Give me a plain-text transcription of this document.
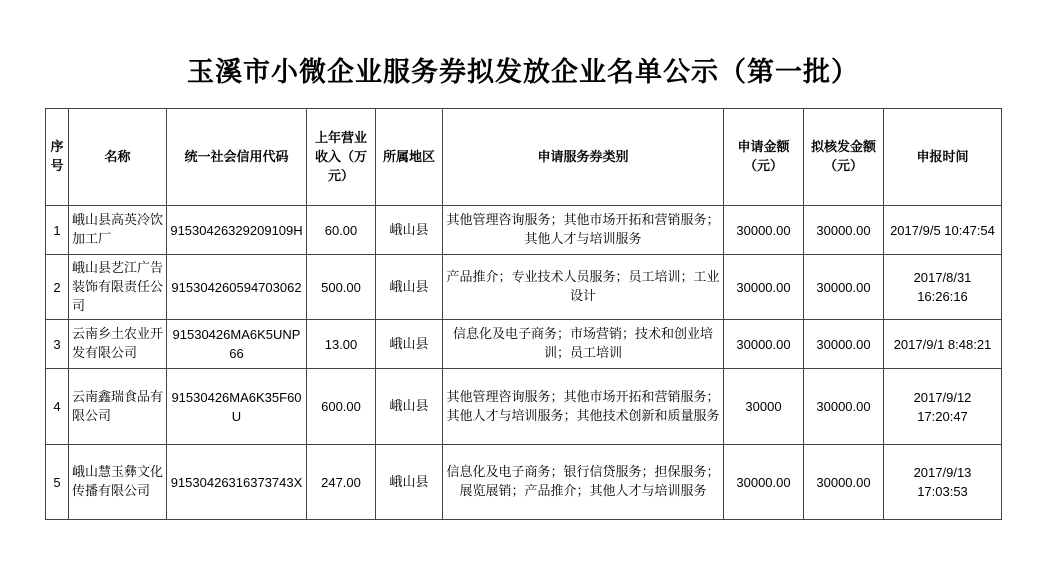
玉溪市小微企业服务券拟发放企业名单公示（第一批）
序号	名称	统一社会信用代码	上年营业收入（万元）	所属地区	申请服务券类别	申请金额（元）	拟核发金额（元）	申报时间
1	峨山县高英冷饮加工厂	91530426329209109H	60.00	峨山县	其他管理咨询服务；其他市场开拓和营销服务；其他人才与培训服务	30000.00	30000.00	2017/9/5 10:47:54
2	峨山县艺江广告装饰有限责任公司	915304260594703062	500.00	峨山县	产品推介；专业技术人员服务；员工培训；工业设计	30000.00	30000.00	2017/8/31 16:26:16
3	云南乡土农业开发有限公司	91530426MA6K5UNP66	13.00	峨山县	信息化及电子商务；市场营销；技术和创业培训；员工培训	30000.00	30000.00	2017/9/1 8:48:21
4	云南鑫瑞食品有限公司	91530426MA6K35F60U	600.00	峨山县	其他管理咨询服务；其他市场开拓和营销服务；其他人才与培训服务；其他技术创新和质量服务	30000	30000.00	2017/9/12 17:20:47
5	峨山慧玉彝文化传播有限公司	91530426316373743X	247.00	峨山县	信息化及电子商务；银行信贷服务；担保服务；展览展销；产品推介；其他人才与培训服务	30000.00	30000.00	2017/9/13 17:03:53
